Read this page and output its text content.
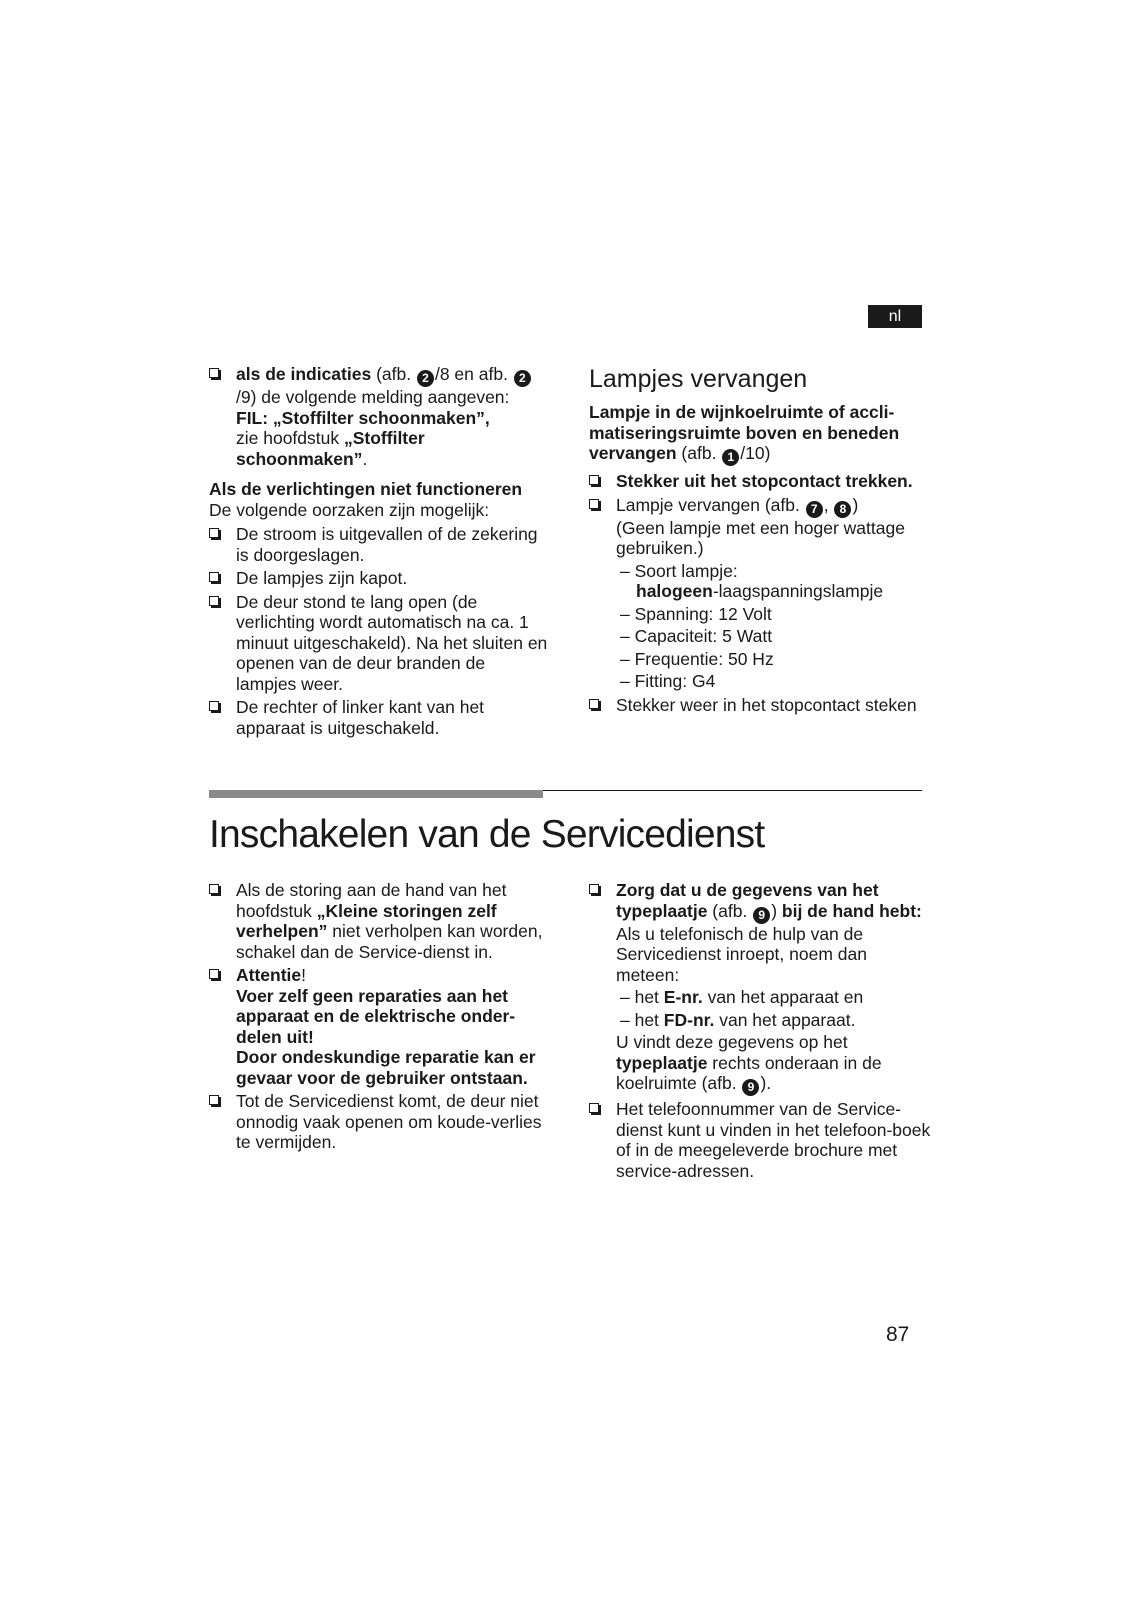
nl
als de indicaties (afb. 2 /8 en afb. 2/9) de volgende melding aangeven:
FIL: „Stoffilter schoonmaken”,
zie hoofdstuk „Stoffilter schoonmaken”.
Als de verlichtingen niet functioneren
De volgende oorzaken zijn mogelijk:
De stroom is uitgevallen of de zekering is doorgeslagen.
De lampjes zijn kapot.
De deur stond te lang open (de verlichting wordt automatisch na ca. 1 minuut uitgeschakeld). Na het sluiten en openen van de deur branden de lampjes weer.
De rechter of linker kant van het apparaat is uitgeschakeld.
Lampjes vervangen
Lampje in de wijnkoelruimte of accli-matiseringsruimte boven en beneden vervangen (afb. 1 /10)
Stekker uit het stopcontact trekken.
Lampje vervangen (afb. 7 , 8 )
(Geen lampje met een hoger wattage gebruiken.)
– Soort lampje:
halogeen-laagspanningslampje
– Spanning: 12 Volt
– Capaciteit: 5 Watt
– Frequentie: 50 Hz
– Fitting: G4
Stekker weer in het stopcontact steken
Inschakelen van de Servicedienst
Als de storing aan de hand van het hoofdstuk „Kleine storingen zelf verhelpen” niet verholpen kan worden, schakel dan de Service-dienst in.
Attentie!
Voer zelf geen reparaties aan het apparaat en de elektrische onder-delen uit!
Door ondeskundige reparatie kan er gevaar voor de gebruiker ontstaan.
Tot de Servicedienst komt, de deur niet onnodig vaak openen om koude-verlies te vermijden.
Zorg dat u de gegevens van het typeplaatje (afb. 9 ) bij de hand hebt:
Als u telefonisch de hulp van de Servicedienst inroept, noem dan meteen:
– het E-nr. van het apparaat en
– het FD-nr. van het apparaat.
U vindt deze gegevens op het typeplaatje rechts onderaan in de koelruimte (afb. 9 ).
Het telefoonnummer van de Service-dienst kunt u vinden in het telefoon-boek of in de meegeleverde brochure met service-adressen.
87
